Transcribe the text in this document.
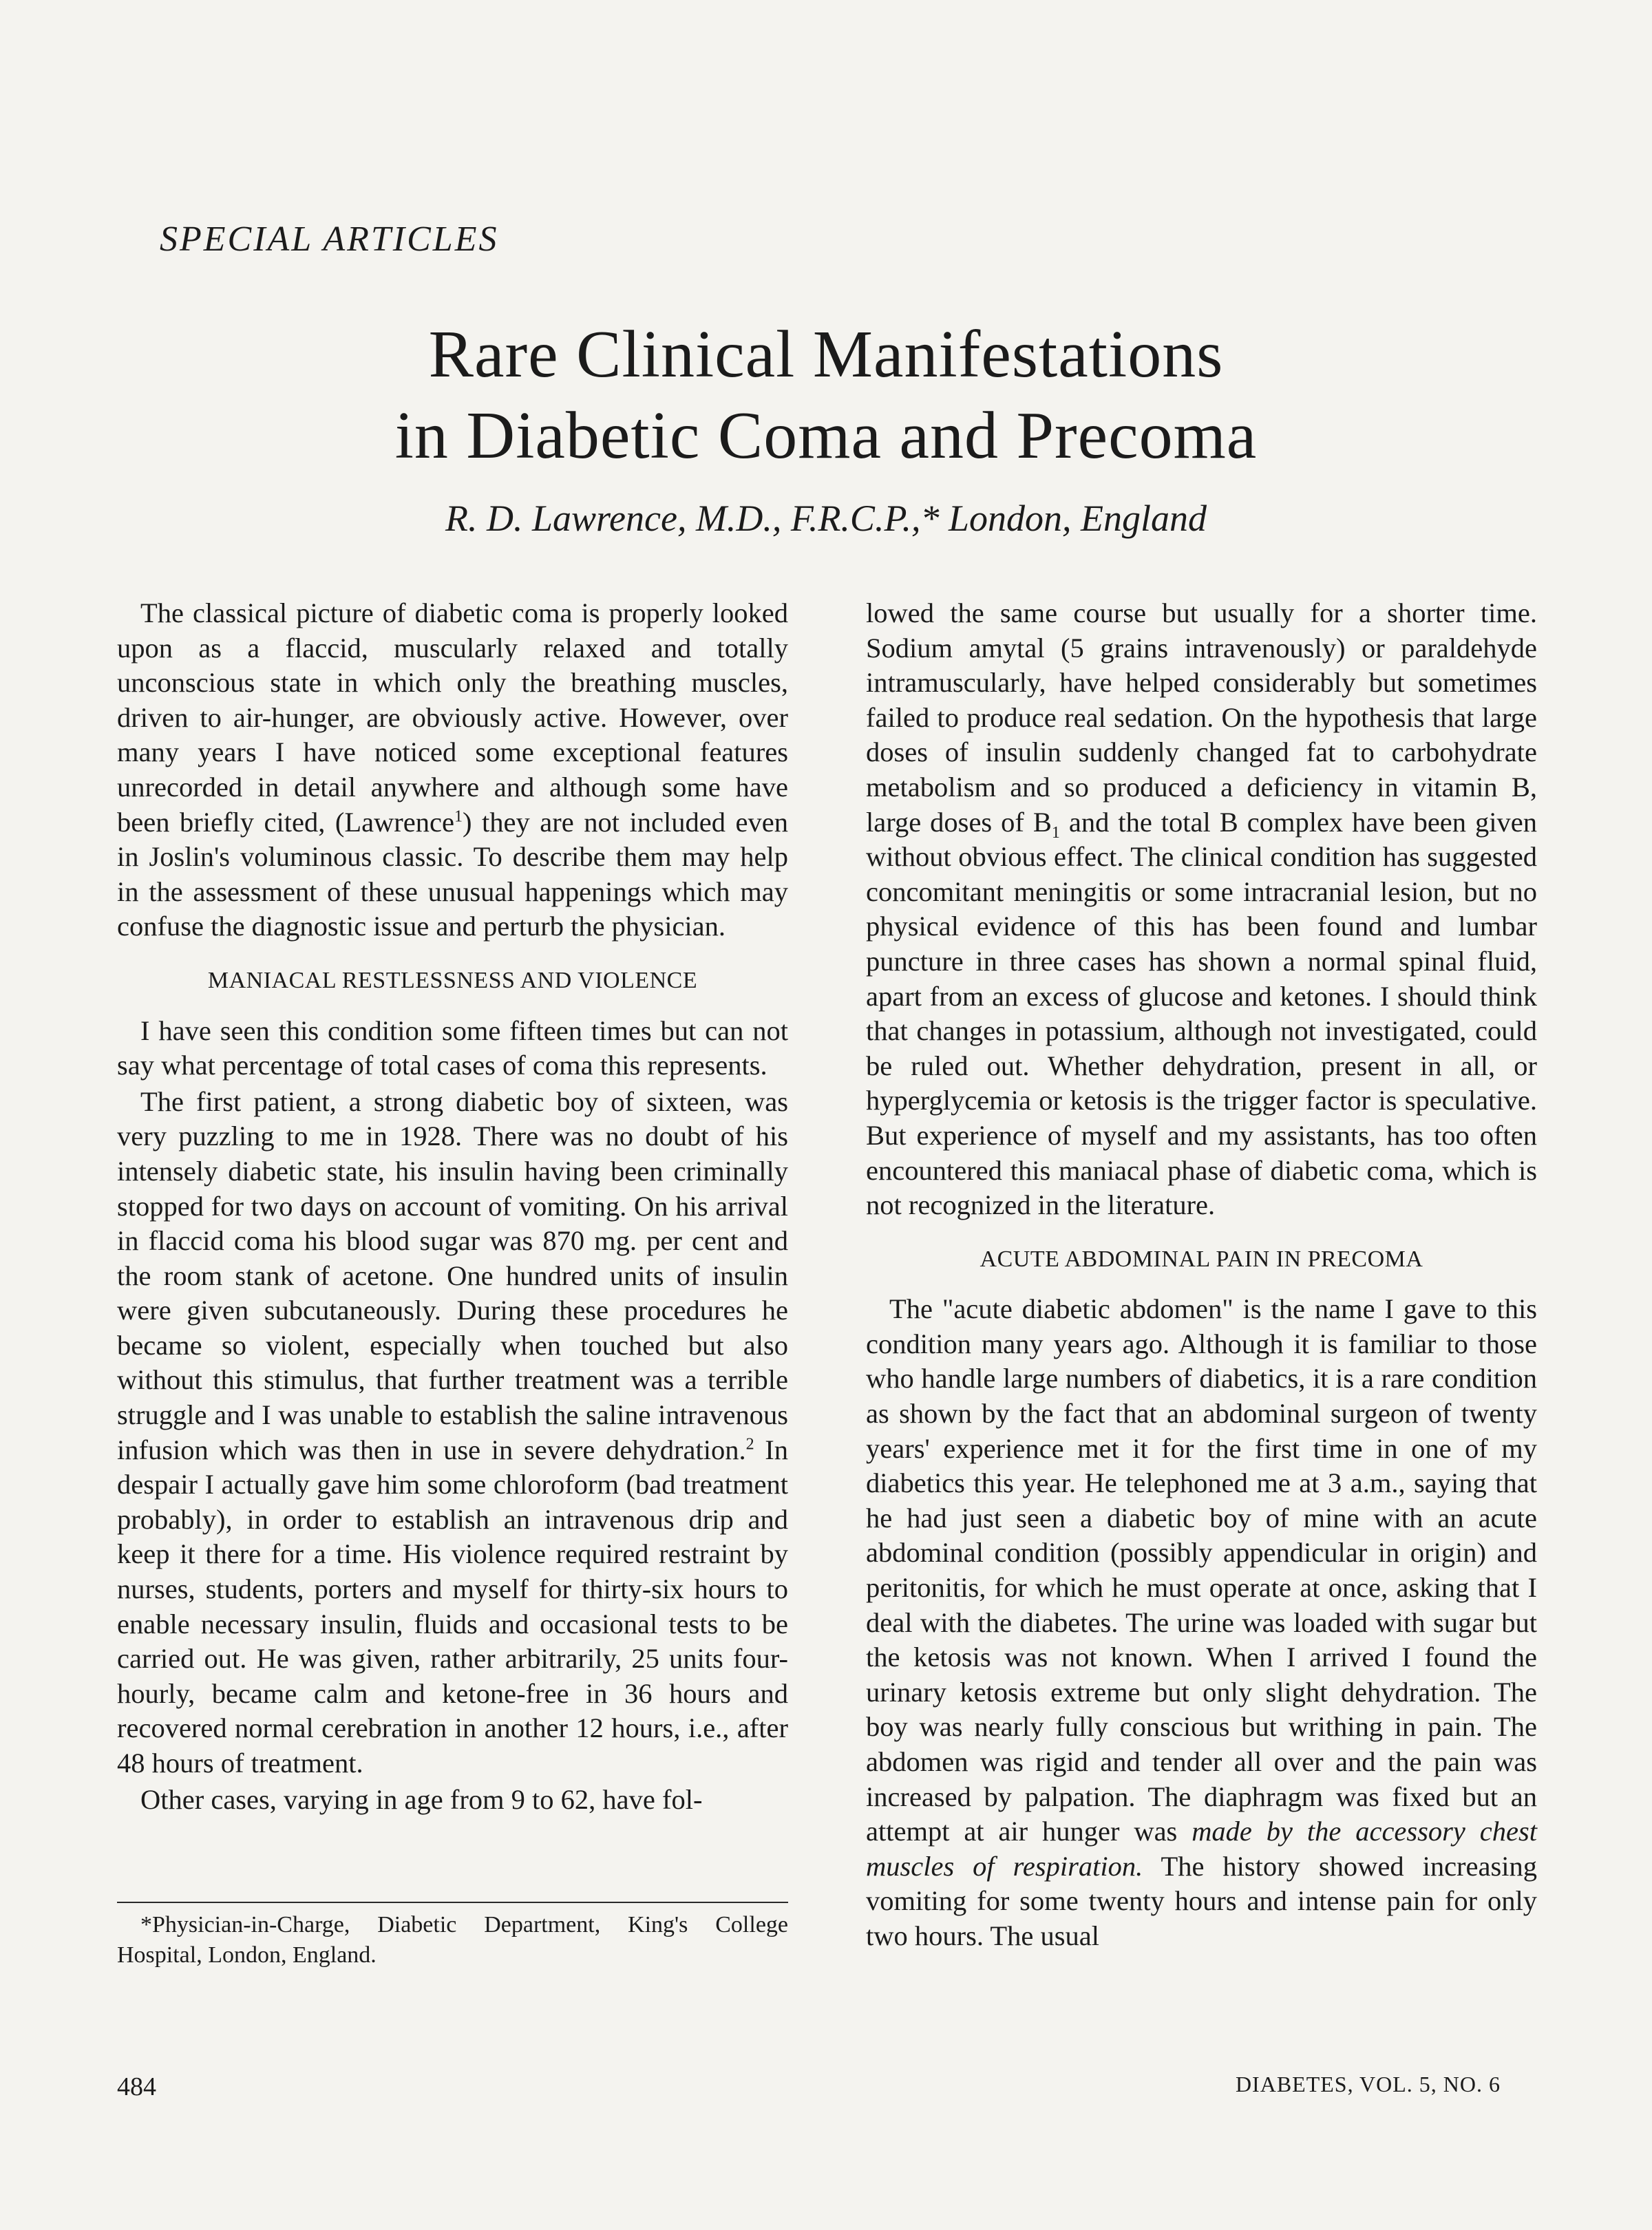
SPECIAL ARTICLES

Rare Clinical Manifestations
in Diabetic Coma and Precoma

R. D. Lawrence, M.D., F.R.C.P.,* London, England

The classical picture of diabetic coma is properly looked upon as a flaccid, muscularly relaxed and totally unconscious state in which only the breathing muscles, driven to air-hunger, are obviously active. However, over many years I have noticed some exceptional features unrecorded in detail anywhere and although some have been briefly cited, (Lawrence$^1$) they are not included even in Joslin's voluminous classic. To describe them may help in the assessment of these unusual happenings which may confuse the diagnostic issue and perturb the physician.

MANIACAL RESTLESSNESS AND VIOLENCE

I have seen this condition some fifteen times but can not say what percentage of total cases of coma this represents.

The first patient, a strong diabetic boy of sixteen, was very puzzling to me in 1928. There was no doubt of his intensely diabetic state, his insulin having been criminally stopped for two days on account of vomiting. On his arrival in flaccid coma his blood sugar was 870 mg. per cent and the room stank of acetone. One hundred units of insulin were given subcutaneously. During these procedures he became so violent, especially when touched but also without this stimulus, that further treatment was a terrible struggle and I was unable to establish the saline intravenous infusion which was then in use in severe dehydration.$^2$ In despair I actually gave him some chloroform (bad treatment probably), in order to establish an intravenous drip and keep it there for a time. His violence required restraint by nurses, students, porters and myself for thirty-six hours to enable necessary insulin, fluids and occasional tests to be carried out. He was given, rather arbitrarily, 25 units four-hourly, became calm and ketone-free in 36 hours and recovered normal cerebration in another 12 hours, i.e., after 48 hours of treatment.

Other cases, varying in age from 9 to 62, have fol-

*Physician-in-Charge, Diabetic Department, King's College Hospital, London, England.

lowed the same course but usually for a shorter time. Sodium amytal (5 grains intravenously) or paraldehyde intramuscularly, have helped considerably but sometimes failed to produce real sedation. On the hypothesis that large doses of insulin suddenly changed fat to carbohydrate metabolism and so produced a deficiency in vitamin B, large doses of $B_1$ and the total B complex have been given without obvious effect. The clinical condition has suggested concomitant meningitis or some intracranial lesion, but no physical evidence of this has been found and lumbar puncture in three cases has shown a normal spinal fluid, apart from an excess of glucose and ketones. I should think that changes in potassium, although not investigated, could be ruled out. Whether dehydration, present in all, or hyperglycemia or ketosis is the trigger factor is speculative. But experience of myself and my assistants, has too often encountered this maniacal phase of diabetic coma, which is not recognized in the literature.

ACUTE ABDOMINAL PAIN IN PRECOMA

The "acute diabetic abdomen" is the name I gave to this condition many years ago. Although it is familiar to those who handle large numbers of diabetics, it is a rare condition as shown by the fact that an abdominal surgeon of twenty years' experience met it for the first time in one of my diabetics this year. He telephoned me at 3 a.m., saying that he had just seen a diabetic boy of mine with an acute abdominal condition (possibly appendicular in origin) and peritonitis, for which he must operate at once, asking that I deal with the diabetes. The urine was loaded with sugar but the ketosis was not known. When I arrived I found the urinary ketosis extreme but only slight dehydration. The boy was nearly fully conscious but writhing in pain. The abdomen was rigid and tender all over and the pain was increased by palpation. The diaphragm was fixed but an attempt at air hunger was made by the accessory chest muscles of respiration. The history showed increasing vomiting for some twenty hours and intense pain for only two hours. The usual

484	DIABETES, VOL. 5, NO. 6
